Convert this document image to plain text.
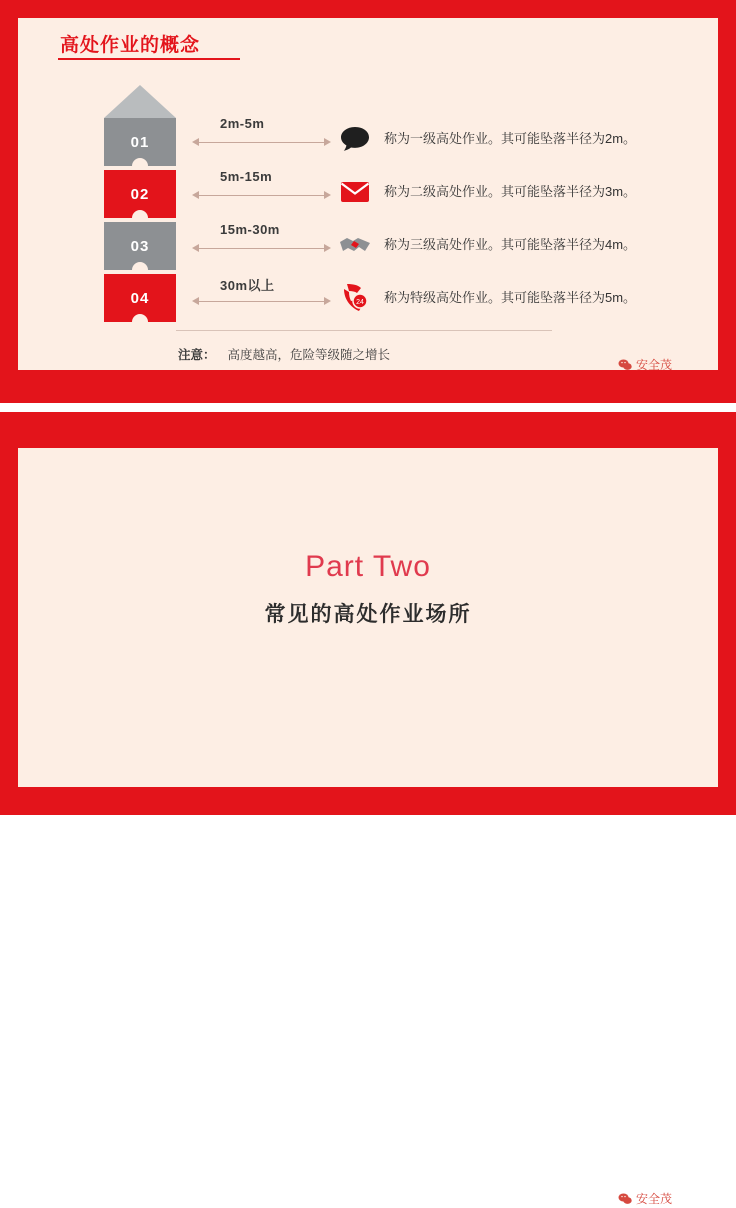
高处作业的概念
01
02
03
04
2m-5m
称为一级高处作业。其可能坠落半径为2m。
5m-15m
称为二级高处作业。其可能坠落半径为3m。
15m-30m
称为三级高处作业。其可能坠落半径为4m。
30m以上
24 称为特级高处作业。其可能坠落半径为5m。
注意： 高度越高，危险等级随之增长
安全茂
Part Two
常见的高处作业场所
安全茂
